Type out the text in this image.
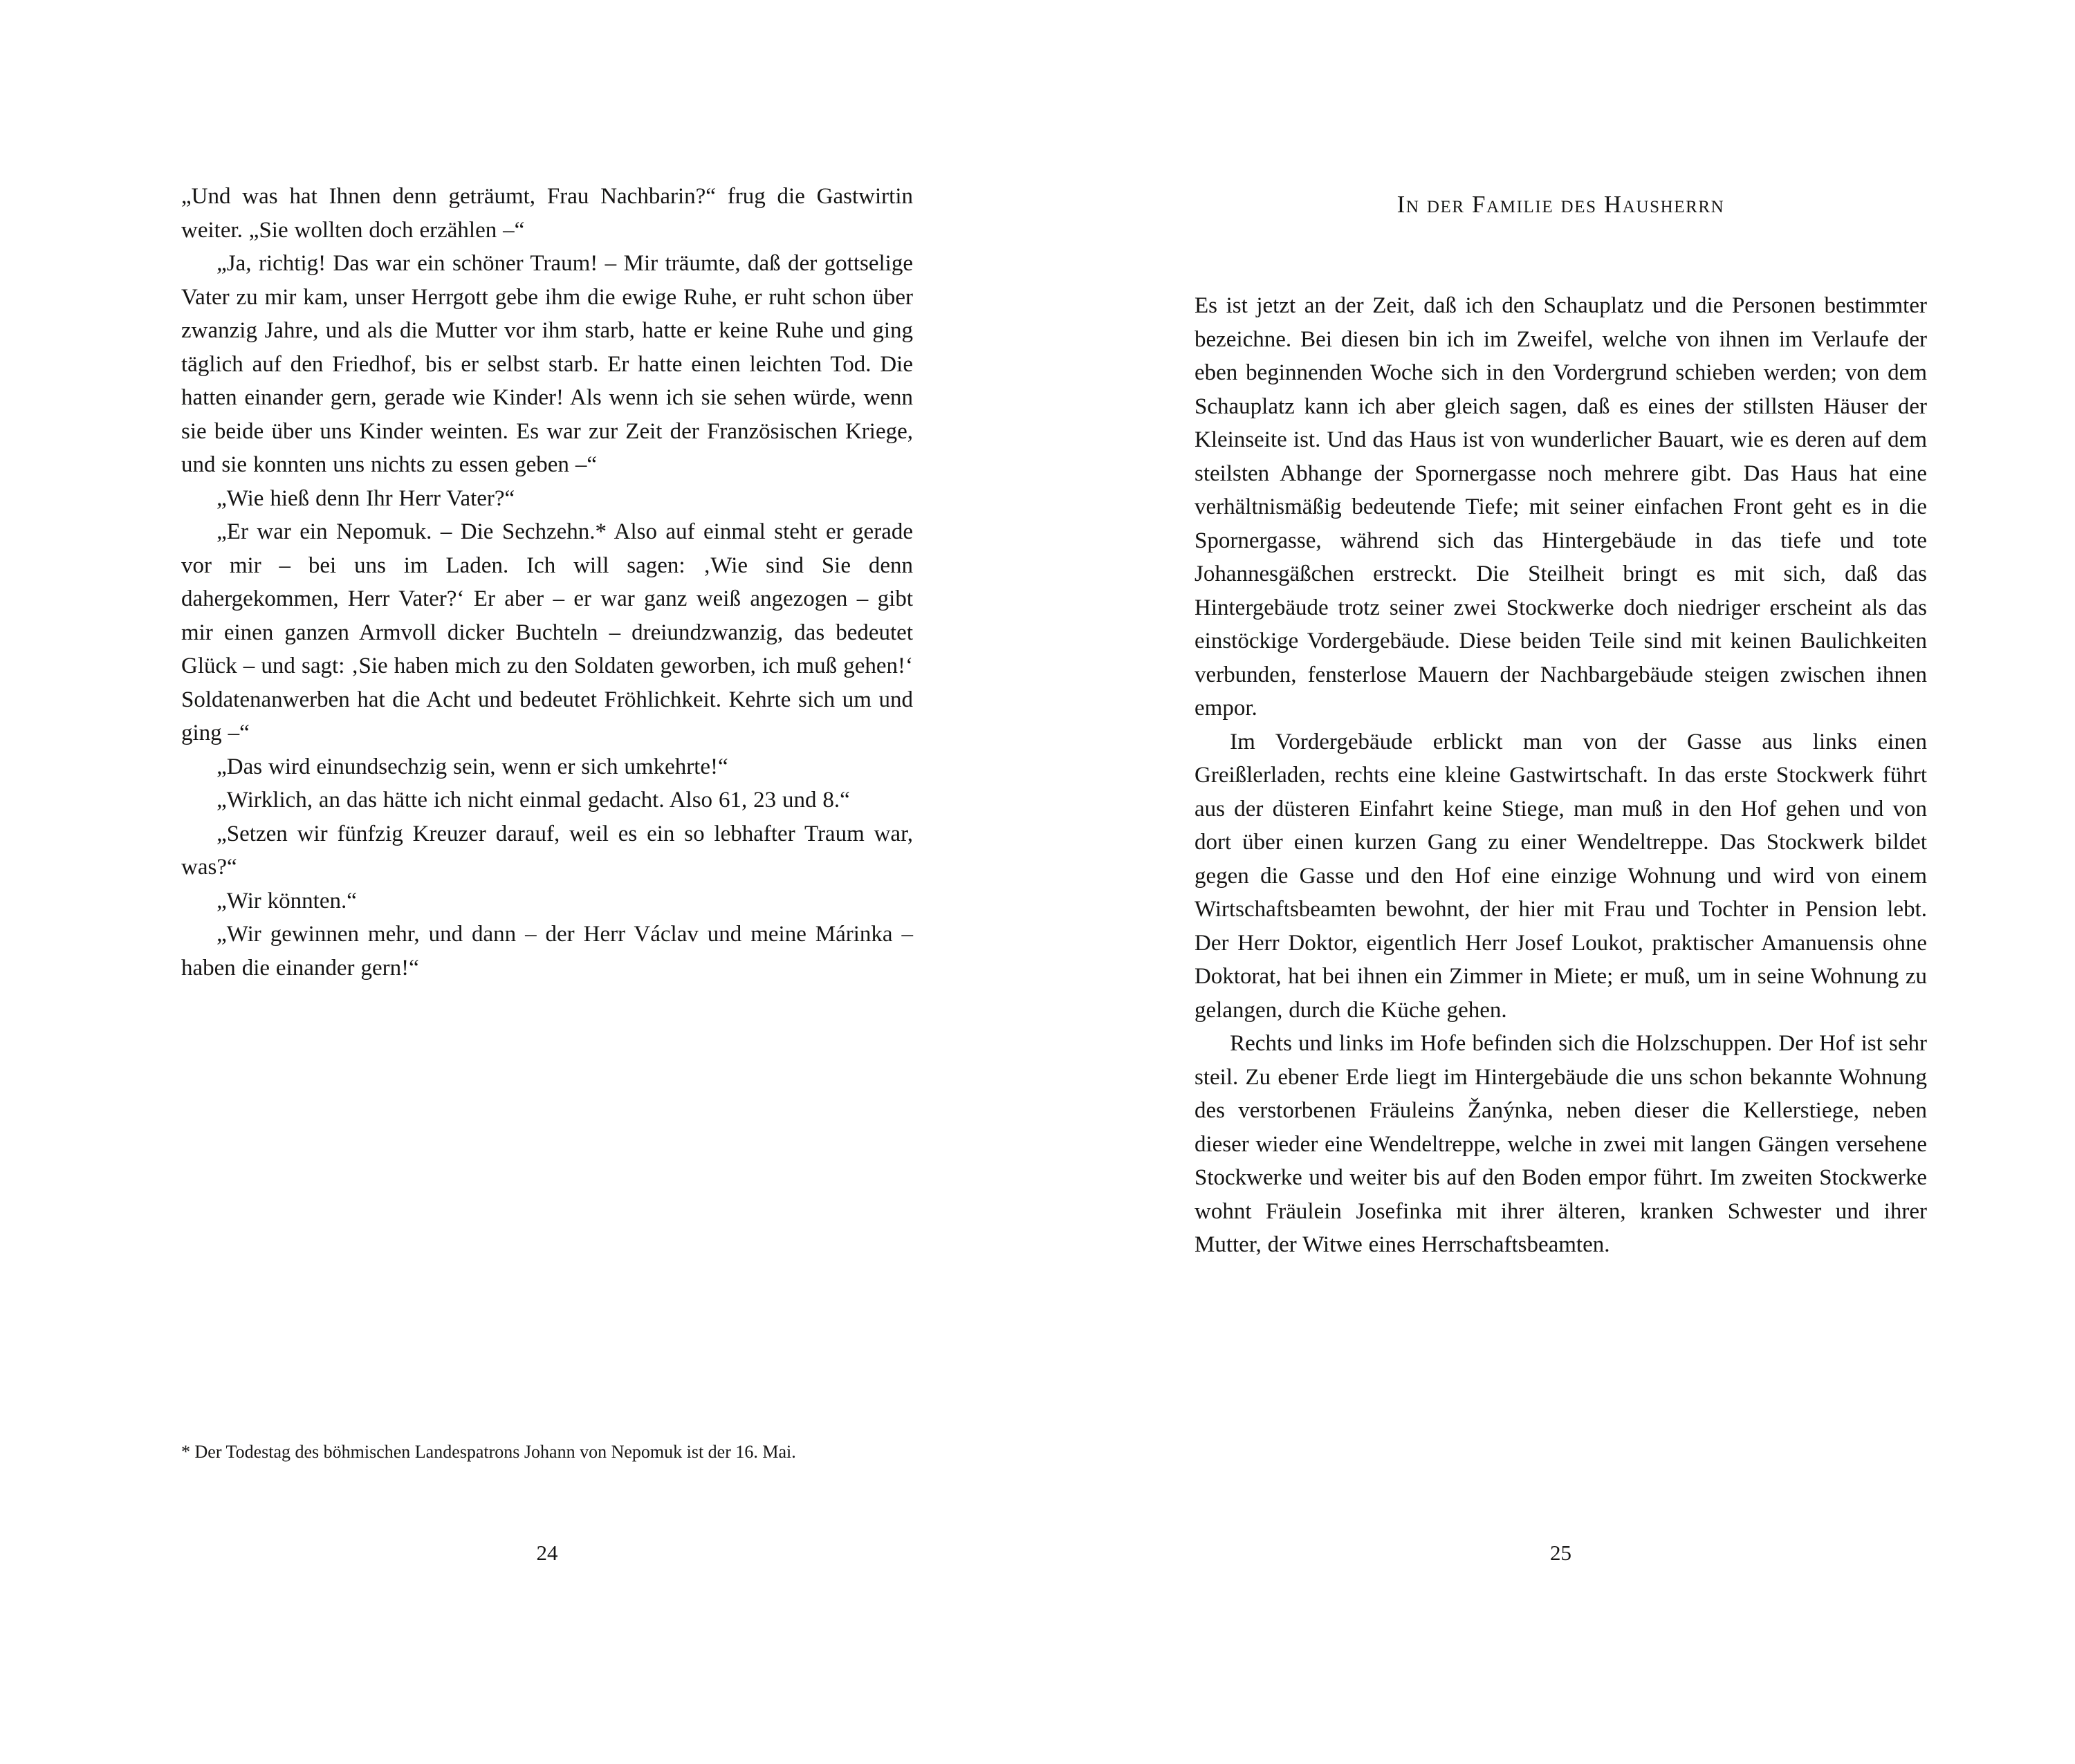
„Und was hat Ihnen denn geträumt, Frau Nachbarin?“ frug die Gastwirtin weiter. „Sie wollten doch erzählen –“

„Ja, richtig! Das war ein schöner Traum! – Mir träumte, daß der gottselige Vater zu mir kam, unser Herrgott gebe ihm die ewige Ruhe, er ruht schon über zwanzig Jahre, und als die Mutter vor ihm starb, hatte er keine Ruhe und ging täglich auf den Friedhof, bis er selbst starb. Er hatte einen leichten Tod. Die hatten einander gern, gerade wie Kinder! Als wenn ich sie sehen würde, wenn sie beide über uns Kinder weinten. Es war zur Zeit der Französischen Kriege, und sie konnten uns nichts zu essen geben –“

„Wie hieß denn Ihr Herr Vater?“

„Er war ein Nepomuk. – Die Sechzehn.* Also auf einmal steht er gerade vor mir – bei uns im Laden. Ich will sagen: ‚Wie sind Sie denn dahergekommen, Herr Vater?‘ Er aber – er war ganz weiß angezogen – gibt mir einen ganzen Armvoll dicker Buchteln – dreiundzwanzig, das bedeutet Glück – und sagt: ‚Sie haben mich zu den Soldaten geworben, ich muß gehen!‘ Soldatenanwerben hat die Acht und bedeutet Fröhlichkeit. Kehrte sich um und ging –“

„Das wird einundsechzig sein, wenn er sich umkehrte!“

„Wirklich, an das hätte ich nicht einmal gedacht. Also 61, 23 und 8.“

„Setzen wir fünfzig Kreuzer darauf, weil es ein so lebhafter Traum war, was?“

„Wir könnten.“

„Wir gewinnen mehr, und dann – der Herr Václav und meine Márinka – haben die einander gern!“

* Der Todestag des böhmischen Landespatrons Johann von Nepomuk ist der 16. Mai.
24
In der Familie des Hausherrn

Es ist jetzt an der Zeit, daß ich den Schauplatz und die Personen bestimmter bezeichne. Bei diesen bin ich im Zweifel, welche von ihnen im Verlaufe der eben beginnenden Woche sich in den Vordergrund schieben werden; von dem Schauplatz kann ich aber gleich sagen, daß es eines der stillsten Häuser der Kleinseite ist. Und das Haus ist von wunderlicher Bauart, wie es deren auf dem steilsten Abhange der Spornergasse noch mehrere gibt. Das Haus hat eine verhältnismäßig bedeutende Tiefe; mit seiner einfachen Front geht es in die Spornergasse, während sich das Hintergebäude in das tiefe und tote Johannesgäßchen erstreckt. Die Steilheit bringt es mit sich, daß das Hintergebäude trotz seiner zwei Stockwerke doch niedriger erscheint als das einstöckige Vordergebäude. Diese beiden Teile sind mit keinen Baulichkeiten verbunden, fensterlose Mauern der Nachbargebäude steigen zwischen ihnen empor.

Im Vordergebäude erblickt man von der Gasse aus links einen Greißlerladen, rechts eine kleine Gastwirtschaft. In das erste Stockwerk führt aus der düsteren Einfahrt keine Stiege, man muß in den Hof gehen und von dort über einen kurzen Gang zu einer Wendeltreppe. Das Stockwerk bildet gegen die Gasse und den Hof eine einzige Wohnung und wird von einem Wirtschaftsbeamten bewohnt, der hier mit Frau und Tochter in Pension lebt. Der Herr Doktor, eigentlich Herr Josef Loukot, praktischer Amanuensis ohne Doktorat, hat bei ihnen ein Zimmer in Miete; er muß, um in seine Wohnung zu gelangen, durch die Küche gehen.

Rechts und links im Hofe befinden sich die Holzschuppen. Der Hof ist sehr steil. Zu ebener Erde liegt im Hintergebäude die uns schon bekannte Wohnung des verstorbenen Fräuleins Žanýnka, neben dieser die Kellerstiege, neben dieser wieder eine Wendeltreppe, welche in zwei mit langen Gängen versehene Stockwerke und weiter bis auf den Boden empor führt. Im zweiten Stockwerke wohnt Fräulein Josefinka mit ihrer älteren, kranken Schwester und ihrer Mutter, der Witwe eines Herrschaftsbeamten.

25
